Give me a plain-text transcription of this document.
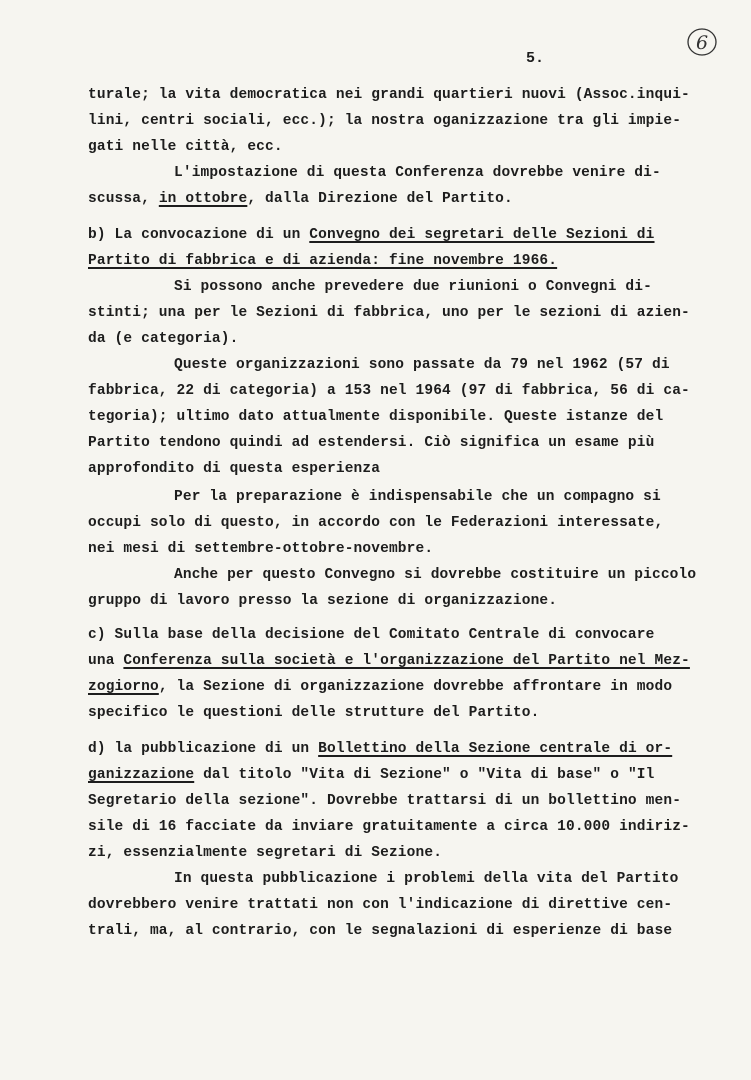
5.
6
turale; la vita democratica nei grandi quartieri nuovi (Assoc.inqui-
lini, centri sociali, ecc.); la nostra oganizzazione tra gli impie-
gati nelle città, ecc.
L'impostazione di questa Conferenza dovrebbe venire di-
scussa, in ottobre, dalla Direzione del Partito.
b) La convocazione di un Convegno dei segretari delle Sezioni di
Partito di fabbrica e di azienda: fine novembre 1966.
Si possono anche prevedere due riunioni o Convegni di-
stinti; una per le Sezioni di fabbrica, uno per le sezioni di azien-
da (e categoria).
Queste organizzazioni sono passate da 79 nel 1962 (57 di
fabbrica, 22 di categoria) a 153 nel 1964 (97 di fabbrica, 56 di ca-
tegoria); ultimo dato attualmente disponibile. Queste istanze del
Partito tendono quindi ad estendersi. Ciò significa un esame più
approfondito di questa esperienza
Per la preparazione è indispensabile che un compagno si
occupi solo di questo, in accordo con le Federazioni interessate,
nei mesi di settembre-ottobre-novembre.
Anche per questo Convegno si dovrebbe costituire un piccolo
gruppo di lavoro presso la sezione di organizzazione.
c) Sulla base della decisione del Comitato Centrale di convocare
una Conferenza sulla società e l'organizzazione del Partito nel Mez-
zogiorno, la Sezione di organizzazione dovrebbe affrontare in modo
specifico le questioni delle strutture del Partito.
d) la pubblicazione di un Bollettino della Sezione centrale di or-
ganizzazione dal titolo "Vita di Sezione" o "Vita di base" o "Il
Segretario della sezione". Dovrebbe trattarsi di un bollettino men-
sile di 16 facciate da inviare gratuitamente a circa 10.000 indiriz-
zi, essenzialmente segretari di Sezione.
In questa pubblicazione i problemi della vita del Partito
dovrebbero venire trattati non con l'indicazione di direttive cen-
trali, ma, al contrario, con le segnalazioni di esperienze di base
